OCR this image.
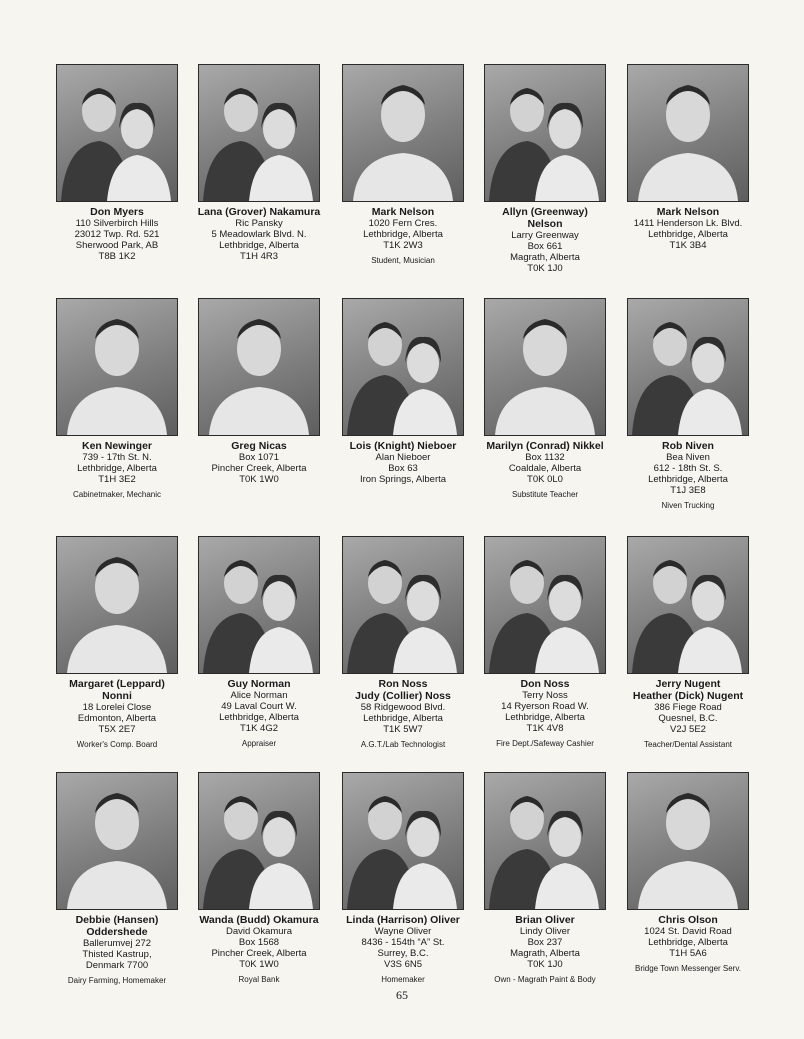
Don Myers
110 Silverbirch Hills
23012 Twp. Rd. 521
Sherwood Park, AB
T8B 1K2
Lana (Grover) Nakamura
Ric Pansky
5 Meadowlark Blvd. N.
Lethbridge, Alberta
T1H 4R3
Mark Nelson
1020 Fern Cres.
Lethbridge, Alberta
T1K 2W3
Student, Musician
Allyn (Greenway)
Nelson
Larry Greenway
Box 661
Magrath, Alberta
T0K 1J0
Mark Nelson
1411 Henderson Lk. Blvd.
Lethbridge, Alberta
T1K 3B4
Ken Newinger
739 - 17th St. N.
Lethbridge, Alberta
T1H 3E2
Cabinetmaker, Mechanic
Greg Nicas
Box 1071
Pincher Creek, Alberta
T0K 1W0
Lois (Knight) Nieboer
Alan Nieboer
Box 63
Iron Springs, Alberta
Marilyn (Conrad) Nikkel
Box 1132
Coaldale, Alberta
T0K 0L0
Substitute Teacher
Rob Niven
Bea Niven
612 - 18th St. S.
Lethbridge, Alberta
T1J 3E8
Niven Trucking
Margaret (Leppard)
Nonni
18 Lorelei Close
Edmonton, Alberta
T5X 2E7
Worker's Comp. Board
Guy Norman
Alice Norman
49 Laval Court W.
Lethbridge, Alberta
T1K 4G2
Appraiser
Ron Noss
Judy (Collier) Noss
58 Ridgewood Blvd.
Lethbridge, Alberta
T1K 5W7
A.G.T./Lab Technologist
Don Noss
Terry Noss
14 Ryerson Road W.
Lethbridge, Alberta
T1K 4V8
Fire Dept./Safeway Cashier
Jerry Nugent
Heather (Dick) Nugent
386 Fiege Road
Quesnel, B.C.
V2J 5E2
Teacher/Dental Assistant
Debbie (Hansen)
Oddershede
Ballerumvej 272
Thisted Kastrup,
Denmark 7700
Dairy Farming, Homemaker
Wanda (Budd) Okamura
David Okamura
Box 1568
Pincher Creek, Alberta
T0K 1W0
Royal Bank
Linda (Harrison) Oliver
Wayne Oliver
8436 - 154th “A” St.
Surrey, B.C.
V3S 6N5
Homemaker
Brian Oliver
Lindy Oliver
Box 237
Magrath, Alberta
T0K 1J0
Own - Magrath Paint & Body
Chris Olson
1024 St. David Road
Lethbridge, Alberta
T1H 5A6
Bridge Town Messenger Serv.
65
